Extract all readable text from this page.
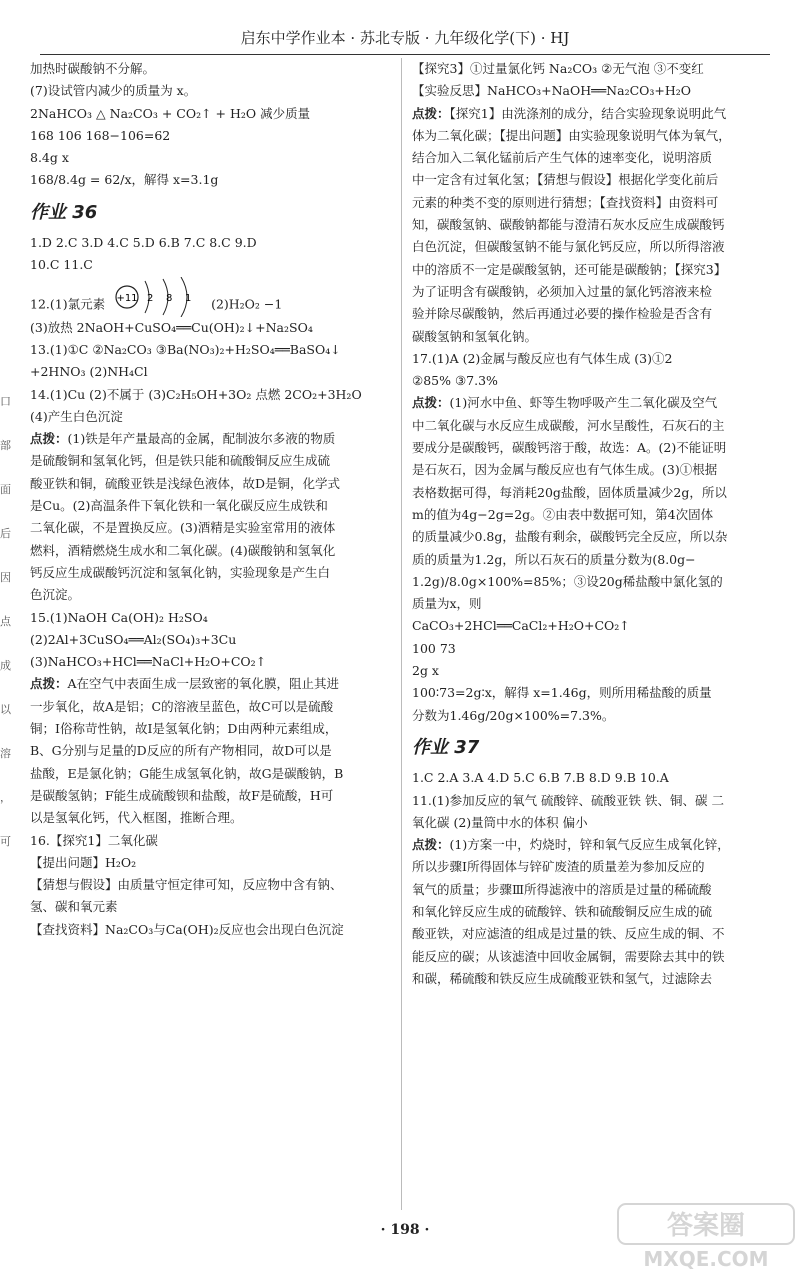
启东中学作业本 · 苏北专版 · 九年级化学(下) · HJ
口
部
面
后
因
点
成
以
溶
，
可
加热时碳酸钠不分解。
(7)设试管内减少的质量为 x。
2NaHCO₃ △ Na₂CO₃ + CO₂↑ + H₂O 减少质量
168 106 168−106=62
8.4g x
168/8.4g = 62/x，解得 x=3.1g
作业 36
1.D 2.C 3.D 4.C 5.D 6.B 7.C 8.C 9.D
10.C 11.C
12.(1)氯元素 +11 2 8 1 (2)H₂O₂ −1
(3)放热 2NaOH+CuSO₄══Cu(OH)₂↓+Na₂SO₄
13.(1)①C ②Na₂CO₃ ③Ba(NO₃)₂+H₂SO₄══BaSO₄↓
+2HNO₃ (2)NH₄Cl
14.(1)Cu (2)不属于 (3)C₂H₅OH+3O₂ 点燃 2CO₂+3H₂O
(4)产生白色沉淀
点拨：(1)铁是年产量最高的金属，配制波尔多液的物质
是硫酸铜和氢氧化钙，但是铁只能和硫酸铜反应生成硫
酸亚铁和铜，硫酸亚铁是浅绿色液体，故D是铜，化学式
是Cu。(2)高温条件下氧化铁和一氧化碳反应生成铁和
二氧化碳，不是置换反应。(3)酒精是实验室常用的液体
燃料，酒精燃烧生成水和二氧化碳。(4)碳酸钠和氢氧化
钙反应生成碳酸钙沉淀和氢氧化钠，实验现象是产生白
色沉淀。
15.(1)NaOH Ca(OH)₂ H₂SO₄
(2)2Al+3CuSO₄══Al₂(SO₄)₃+3Cu
(3)NaHCO₃+HCl══NaCl+H₂O+CO₂↑
点拨：A在空气中表面生成一层致密的氧化膜，阻止其进
一步氧化，故A是铝；C的溶液呈蓝色，故C可以是硫酸
铜；I俗称苛性钠，故I是氢氧化钠；D由两种元素组成，
B、G分别与足量的D反应的所有产物相同，故D可以是
盐酸，E是氯化钠；G能生成氢氧化钠，故G是碳酸钠，B
是碳酸氢钠；F能生成硫酸钡和盐酸，故F是硫酸，H可
以是氢氧化钙，代入框图，推断合理。
16.【探究1】二氧化碳
【提出问题】H₂O₂
【猜想与假设】由质量守恒定律可知，反应物中含有钠、
氢、碳和氧元素
【查找资料】Na₂CO₃与Ca(OH)₂反应也会出现白色沉淀
【探究3】①过量氯化钙 Na₂CO₃ ②无气泡 ③不变红
【实验反思】NaHCO₃+NaOH══Na₂CO₃+H₂O
点拨：【探究1】由洗涤剂的成分，结合实验现象说明此气
体为二氧化碳；【提出问题】由实验现象说明气体为氧气，
结合加入二氧化锰前后产生气体的速率变化，说明溶质
中一定含有过氧化氢；【猜想与假设】根据化学变化前后
元素的种类不变的原则进行猜想；【查找资料】由资料可
知，碳酸氢钠、碳酸钠都能与澄清石灰水反应生成碳酸钙
白色沉淀，但碳酸氢钠不能与氯化钙反应，所以所得溶液
中的溶质不一定是碳酸氢钠，还可能是碳酸钠；【探究3】
为了证明含有碳酸钠，必须加入过量的氯化钙溶液来检
验并除尽碳酸钠，然后再通过必要的操作检验是否含有
碳酸氢钠和氢氧化钠。
17.(1)A (2)金属与酸反应也有气体生成 (3)①2
②85% ③7.3%
点拨：(1)河水中鱼、虾等生物呼吸产生二氧化碳及空气
中二氧化碳与水反应生成碳酸，河水呈酸性，石灰石的主
要成分是碳酸钙，碳酸钙溶于酸，故选：A。(2)不能证明
是石灰石，因为金属与酸反应也有气体生成。(3)①根据
表格数据可得，每消耗20g盐酸，固体质量减少2g，所以
m的值为4g−2g=2g。②由表中数据可知，第4次固体
的质量减少0.8g，盐酸有剩余，碳酸钙完全反应，所以杂
质的质量为1.2g，所以石灰石的质量分数为(8.0g−
1.2g)/8.0g×100%=85%；③设20g稀盐酸中氯化氢的
质量为x，则
CaCO₃+2HCl══CaCl₂+H₂O+CO₂↑
100 73
2g x
100∶73=2g∶x，解得 x=1.46g，则所用稀盐酸的质量
分数为1.46g/20g×100%=7.3%。
作业 37
1.C 2.A 3.A 4.D 5.C 6.B 7.B 8.D 9.B 10.A
11.(1)参加反应的氧气 硫酸锌、硫酸亚铁 铁、铜、碳 二
氧化碳 (2)量筒中水的体积 偏小
点拨：(1)方案一中，灼烧时，锌和氧气反应生成氧化锌，
所以步骤Ⅰ所得固体与锌矿废渣的质量差为参加反应的
氧气的质量；步骤Ⅲ所得滤液中的溶质是过量的稀硫酸
和氧化锌反应生成的硫酸锌、铁和硫酸铜反应生成的硫
酸亚铁，对应滤渣的组成是过量的铁、反应生成的铜、不
能反应的碳；从该滤渣中回收金属铜，需要除去其中的铁
和碳，稀硫酸和铁反应生成硫酸亚铁和氢气，过滤除去
· 198 ·	答案圈
MXQE.COM
